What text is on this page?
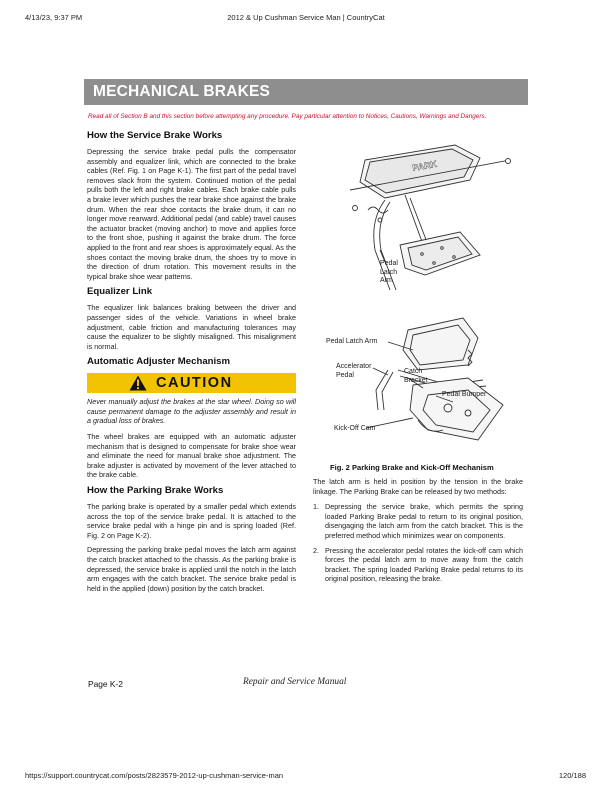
4/13/23, 9:37 PM	2012 & Up Cushman Service Man | CountryCat
MECHANICAL BRAKES
Read all of Section B and this section before attempting any procedure. Pay particular attention to Notices, Cautions, Warnings and Dangers.
How the Service Brake Works

Depressing the service brake pedal pulls the compensator assembly and equalizer link, which are connected to the brake cables (Ref. Fig. 1 on Page K-1). The first part of the pedal travel removes slack from the system. Continued motion of the pedal pulls both the left and right brake cables. Each brake cable pulls a brake lever which pushes the rear brake shoe against the brake drum. When the rear shoe contacts the brake drum, it can no longer move rearward. Additional pedal (and cable) travel causes the actuator bracket (moving anchor) to move and applies force to the front shoe, pushing it against the brake drum. The force applied to the front and rear shoes is approximately equal. As the shoes contact the moving brake drum, the shoes try to move in the direction of drum rotation. This movement results in the typical brake shoe wear patterns.

Equalizer Link

The equalizer link balances braking between the driver and passenger sides of the vehicle. Variations in wheel brake adjustment, cable friction and manufacturing tolerances may cause the equalizer to be slightly misaligned. This misalignment is normal.

Automatic Adjuster Mechanism
CAUTION

Never manually adjust the brakes at the star wheel. Doing so will cause permanent damage to the adjuster assembly and result in a gradual loss of brakes.

The wheel brakes are equipped with an automatic adjuster mechanism that is designed to compensate for brake shoe wear and eliminate the need for manual brake shoe adjustment. The brake adjuster is activated by movement of the lever attached to the brake cable.

How the Parking Brake Works

The parking brake is operated by a smaller pedal which extends across the top of the service brake pedal. It is attached to the service brake pedal with a hinge pin and is spring loaded (Ref. Fig. 2 on Page K-2).

Depressing the parking brake pedal moves the latch arm against the catch bracket attached to the chassis. As the parking brake is depressed, the service brake is applied until the notch in the latch arm engages with the catch bracket. The service brake pedal is held in the applied (down) position by the catch bracket.

PARK
Pedal
Latch
Arm
Pedal Latch Arm
Accelerator
Pedal	Catch
Bracket
Pedal Bumper
Kick-Off Cam
Fig. 2 Parking Brake and Kick-Off Mechanism

The latch arm is held in position by the tension in the brake linkage. The Parking Brake can be released by two methods:

1. Depressing the service brake, which permits the spring loaded Parking Brake pedal to return to its original position, disengaging the latch arm from the catch bracket. This is the preferred method which minimizes wear on components.
2. Pressing the accelerator pedal rotates the kick-off cam which forces the pedal latch arm to move away from the catch bracket. The spring loaded Parking Brake pedal returns to its original position, releasing the brake.
Page K-2	Repair and Service Manual
https://support.countrycat.com/posts/2823579-2012-up-cushman-service-man	120/188
